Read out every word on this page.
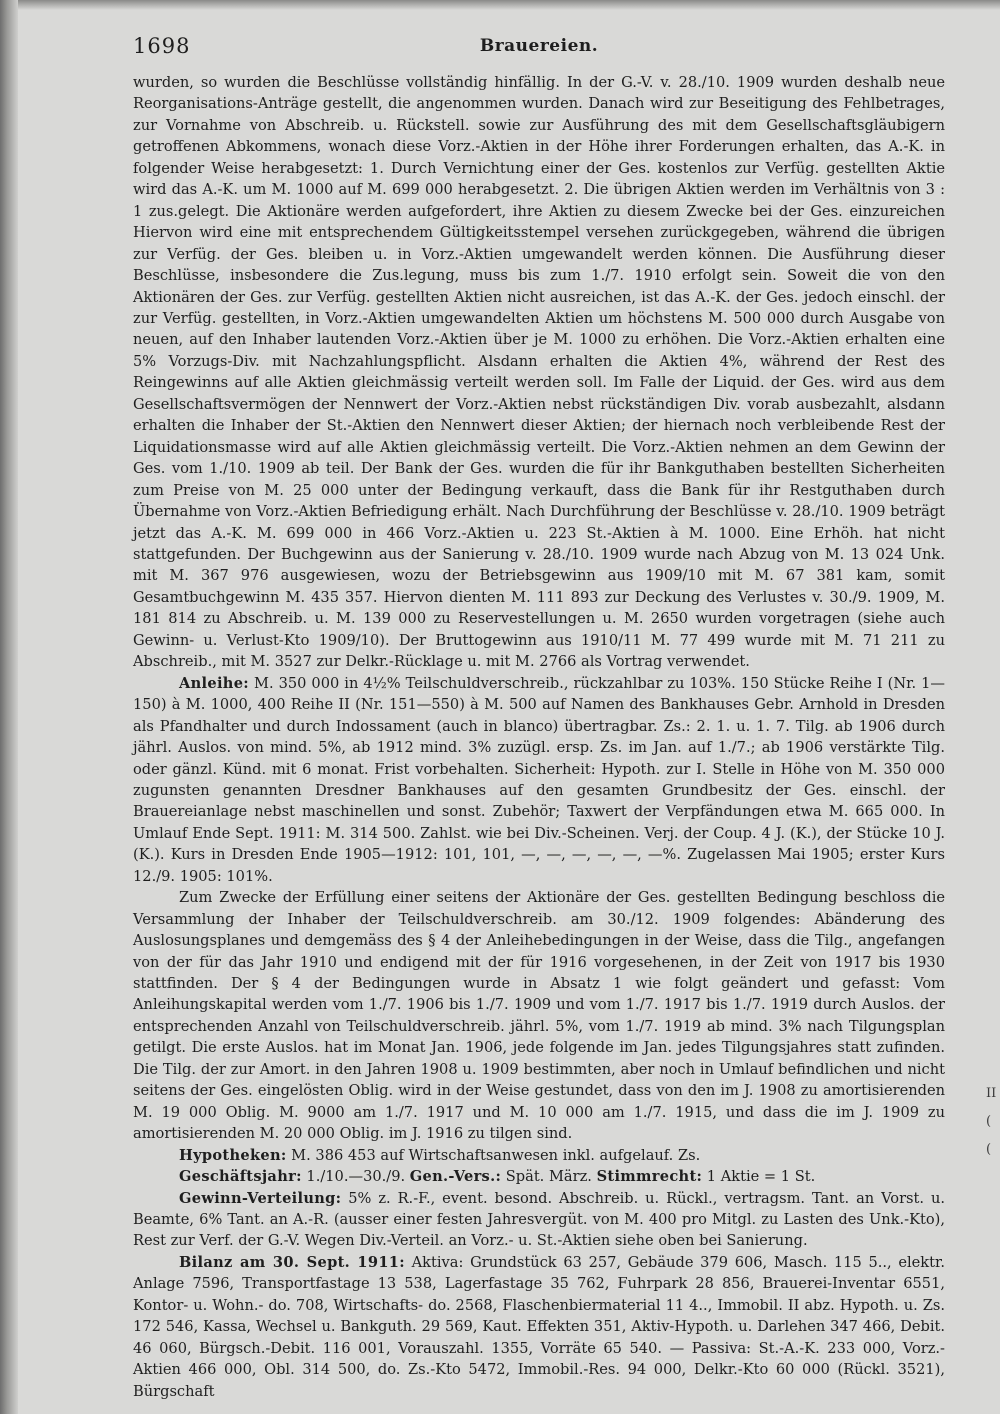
1698	Brauereien.

wurden, so wurden die Beschlüsse vollständig hinfällig. In der G.-V. v. 28./10. 1909 wurden deshalb neue Reorganisations-Anträge gestellt, die angenommen wurden. Danach wird zur Beseitigung des Fehlbetrages, zur Vornahme von Abschreib. u. Rückstell. sowie zur Ausführung des mit dem Gesellschaftsgläubigern getroffenen Abkommens, wonach diese Vorz.-Aktien in der Höhe ihrer Forderungen erhalten, das A.-K. in folgender Weise herabgesetzt: 1. Durch Vernichtung einer der Ges. kostenlos zur Verfüg. gestellten Aktie wird das A.-K. um M. 1000 auf M. 699 000 herabgesetzt. 2. Die übrigen Aktien werden im Verhältnis von 3 : 1 zus.gelegt. Die Aktionäre werden aufgefordert, ihre Aktien zu diesem Zwecke bei der Ges. einzureichen Hiervon wird eine mit entsprechendem Gültigkeitsstempel versehen zurückgegeben, während die übrigen zur Verfüg. der Ges. bleiben u. in Vorz.-Aktien umgewandelt werden können. Die Ausführung dieser Beschlüsse, insbesondere die Zus.legung, muss bis zum 1./7. 1910 erfolgt sein. Soweit die von den Aktionären der Ges. zur Verfüg. gestellten Aktien nicht ausreichen, ist das A.-K. der Ges. jedoch einschl. der zur Verfüg. gestellten, in Vorz.-Aktien umgewandelten Aktien um höchstens M. 500 000 durch Ausgabe von neuen, auf den Inhaber lautenden Vorz.-Aktien über je M. 1000 zu erhöhen. Die Vorz.-Aktien erhalten eine 5% Vorzugs-Div. mit Nachzahlungspflicht. Alsdann erhalten die Aktien 4%, während der Rest des Reingewinns auf alle Aktien gleichmässig verteilt werden soll. Im Falle der Liquid. der Ges. wird aus dem Gesellschaftsvermögen der Nennwert der Vorz.-Aktien nebst rückständigen Div. vorab ausbezahlt, alsdann erhalten die Inhaber der St.-Aktien den Nennwert dieser Aktien; der hiernach noch verbleibende Rest der Liquidationsmasse wird auf alle Aktien gleichmässig verteilt. Die Vorz.-Aktien nehmen an dem Gewinn der Ges. vom 1./10. 1909 ab teil. Der Bank der Ges. wurden die für ihr Bankguthaben bestellten Sicherheiten zum Preise von M. 25 000 unter der Bedingung verkauft, dass die Bank für ihr Restguthaben durch Übernahme von Vorz.-Aktien Befriedigung erhält. Nach Durchführung der Beschlüsse v. 28./10. 1909 beträgt jetzt das A.-K. M. 699 000 in 466 Vorz.-Aktien u. 223 St.-Aktien à M. 1000. Eine Erhöh. hat nicht stattgefunden. Der Buchgewinn aus der Sanierung v. 28./10. 1909 wurde nach Abzug von M. 13 024 Unk. mit M. 367 976 ausgewiesen, wozu der Betriebsgewinn aus 1909/10 mit M. 67 381 kam, somit Gesamtbuchgewinn M. 435 357. Hiervon dienten M. 111 893 zur Deckung des Verlustes v. 30./9. 1909, M. 181 814 zu Abschreib. u. M. 139 000 zu Reservestellungen u. M. 2650 wurden vorgetragen (siehe auch Gewinn- u. Verlust-Kto 1909/10). Der Bruttogewinn aus 1910/11 M. 77 499 wurde mit M. 71 211 zu Abschreib., mit M. 3527 zur Delkr.-Rücklage u. mit M. 2766 als Vortrag verwendet.

Anleihe: M. 350 000 in 4½% Teilschuldverschreib., rückzahlbar zu 103%. 150 Stücke Reihe I (Nr. 1—150) à M. 1000, 400 Reihe II (Nr. 151—550) à M. 500 auf Namen des Bankhauses Gebr. Arnhold in Dresden als Pfandhalter und durch Indossament (auch in blanco) übertragbar. Zs.: 2. 1. u. 1. 7. Tilg. ab 1906 durch jährl. Auslos. von mind. 5%, ab 1912 mind. 3% zuzügl. ersp. Zs. im Jan. auf 1./7.; ab 1906 verstärkte Tilg. oder gänzl. Künd. mit 6 monat. Frist vorbehalten. Sicherheit: Hypoth. zur I. Stelle in Höhe von M. 350 000 zugunsten genannten Dresdner Bankhauses auf den gesamten Grundbesitz der Ges. einschl. der Brauereianlage nebst maschinellen und sonst. Zubehör; Taxwert der Verpfändungen etwa M. 665 000. In Umlauf Ende Sept. 1911: M. 314 500. Zahlst. wie bei Div.-Scheinen. Verj. der Coup. 4 J. (K.), der Stücke 10 J. (K.). Kurs in Dresden Ende 1905—1912: 101, 101, —, —, —, —, —, —%. Zugelassen Mai 1905; erster Kurs 12./9. 1905: 101%.

Zum Zwecke der Erfüllung einer seitens der Aktionäre der Ges. gestellten Bedingung beschloss die Versammlung der Inhaber der Teilschuldverschreib. am 30./12. 1909 folgendes: Abänderung des Auslosungsplanes und demgemäss des § 4 der Anleihebedingungen in der Weise, dass die Tilg., angefangen von der für das Jahr 1910 und endigend mit der für 1916 vorgesehenen, in der Zeit von 1917 bis 1930 stattfinden. Der § 4 der Bedingungen wurde in Absatz 1 wie folgt geändert und gefasst: Vom Anleihungskapital werden vom 1./7. 1906 bis 1./7. 1909 und vom 1./7. 1917 bis 1./7. 1919 durch Auslos. der entsprechenden Anzahl von Teilschuldverschreib. jährl. 5%, vom 1./7. 1919 ab mind. 3% nach Tilgungsplan getilgt. Die erste Auslos. hat im Monat Jan. 1906, jede folgende im Jan. jedes Tilgungsjahres statt zufinden. Die Tilg. der zur Amort. in den Jahren 1908 u. 1909 bestimmten, aber noch in Umlauf befindlichen und nicht seitens der Ges. eingelösten Oblig. wird in der Weise gestundet, dass von den im J. 1908 zu amortisierenden M. 19 000 Oblig. M. 9000 am 1./7. 1917 und M. 10 000 am 1./7. 1915, und dass die im J. 1909 zu amortisierenden M. 20 000 Oblig. im J. 1916 zu tilgen sind.

Hypotheken: M. 386 453 auf Wirtschaftsanwesen inkl. aufgelauf. Zs.

Geschäftsjahr: 1./10.—30./9. Gen.-Vers.: Spät. März. Stimmrecht: 1 Aktie = 1 St.

Gewinn-Verteilung: 5% z. R.-F., event. besond. Abschreib. u. Rückl., vertragsm. Tant. an Vorst. u. Beamte, 6% Tant. an A.-R. (ausser einer festen Jahresvergüt. von M. 400 pro Mitgl. zu Lasten des Unk.-Kto), Rest zur Verf. der G.-V. Wegen Div.-Verteil. an Vorz.- u. St.-Aktien siehe oben bei Sanierung.

Bilanz am 30. Sept. 1911: Aktiva: Grundstück 63 257, Gebäude 379 606, Masch. 115 5.., elektr. Anlage 7596, Transportfastage 13 538, Lagerfastage 35 762, Fuhrpark 28 856, Brauerei-Inventar 6551, Kontor- u. Wohn.- do. 708, Wirtschafts- do. 2568, Flaschenbiermaterial 11 4.., Immobil. II abz. Hypoth. u. Zs. 172 546, Kassa, Wechsel u. Bankguth. 29 569, Kaut. Effekten 351, Aktiv-Hypoth. u. Darlehen 347 466, Debit. 46 060, Bürgsch.-Debit. 116 001, Vorauszahl. 1355, Vorräte 65 540. — Passiva: St.-A.-K. 233 000, Vorz.-Aktien 466 000, Obl. 314 500, do. Zs.-Kto 5472, Immobil.-Res. 94 000, Delkr.-Kto 60 000 (Rückl. 3521), Bürgschaft

II
(
(
